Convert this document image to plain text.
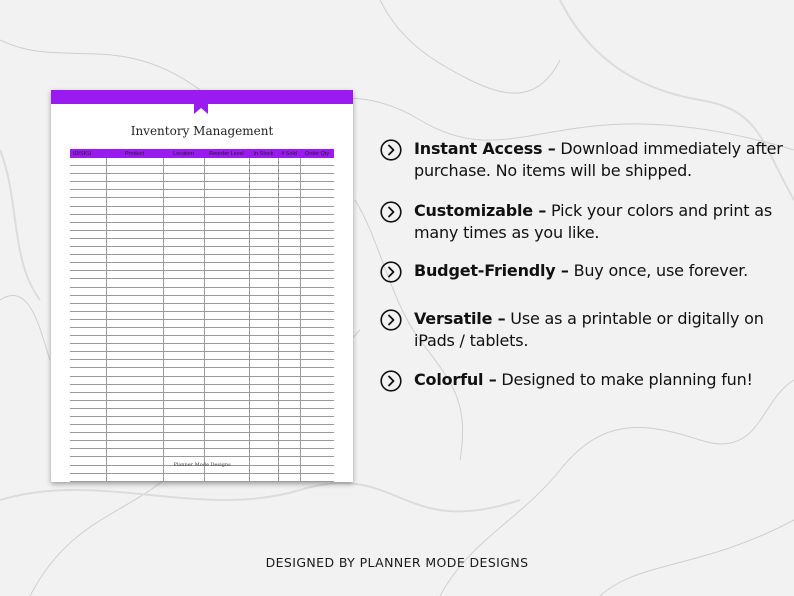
Inventory Management
ID/SKU	Product	Location	Reorder Level	In Stock	# Sold	Order Qty

Planner Mode Designs
Instant Access – Download immediately after purchase. No items will be shipped.
Customizable – Pick your colors and print as many times as you like.
Budget-Friendly – Buy once, use forever.
Versatile – Use as a printable or digitally on iPads / tablets.
Colorful – Designed to make planning fun!
DESIGNED BY PLANNER MODE DESIGNS
